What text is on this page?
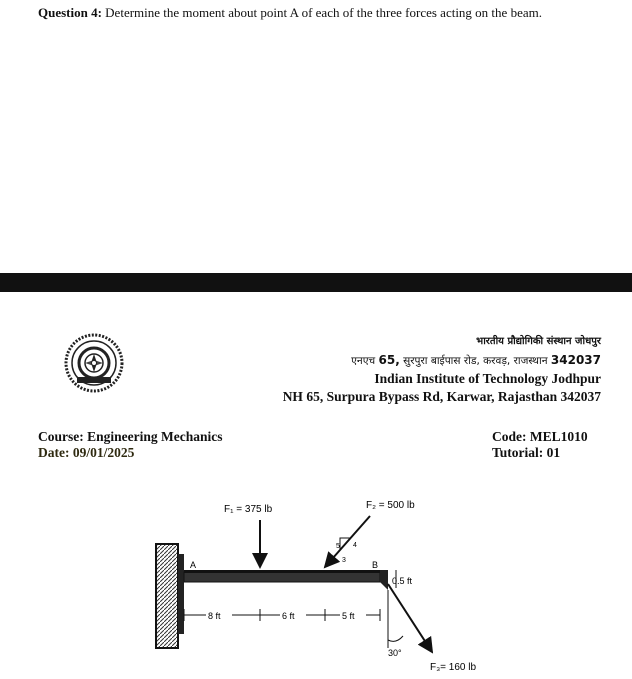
Question 4: Determine the moment about point A of each of the three forces acting on the beam.
भारतीय प्रौद्योगिकी संस्थान जोधपुर
एनएच 65, सुरपुरा बाईपास रोड, करवड़, राजस्थान 342037
Indian Institute of Technology Jodhpur
NH 65, Surpura Bypass Rd, Karwar, Rajasthan 342037
Course: Engineering Mechanics
Date: 09/01/2025
Code: MEL1010
Tutorial: 01
A	B
F₁ = 375 lb	F₂ = 500 lb
5 4
3
30°
F₃= 160 lb
0.5 ft
8 ft	6 ft	5 ft
